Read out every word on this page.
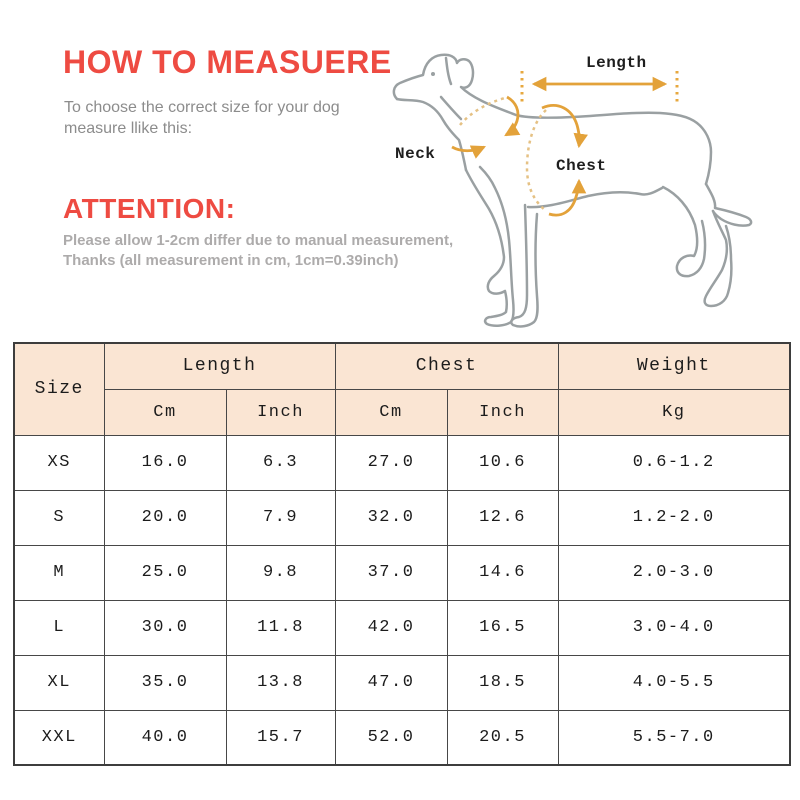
HOW TO MEASUERE
To choose the correct size for your dog
measure llike this:
ATTENTION:
Please allow 1-2cm differ due to manual measurement,
Thanks (all measurement in cm, 1cm=0.39inch)
Length
Neck
Chest
Size	Length		Chest		Weight
	Cm	Inch	Cm	Inch	Kg
XS	16.0	6.3	27.0	10.6	0.6-1.2
S	20.0	7.9	32.0	12.6	1.2-2.0
M	25.0	9.8	37.0	14.6	2.0-3.0
L	30.0	11.8	42.0	16.5	3.0-4.0
XL	35.0	13.8	47.0	18.5	4.0-5.5
XXL	40.0	15.7	52.0	20.5	5.5-7.0
